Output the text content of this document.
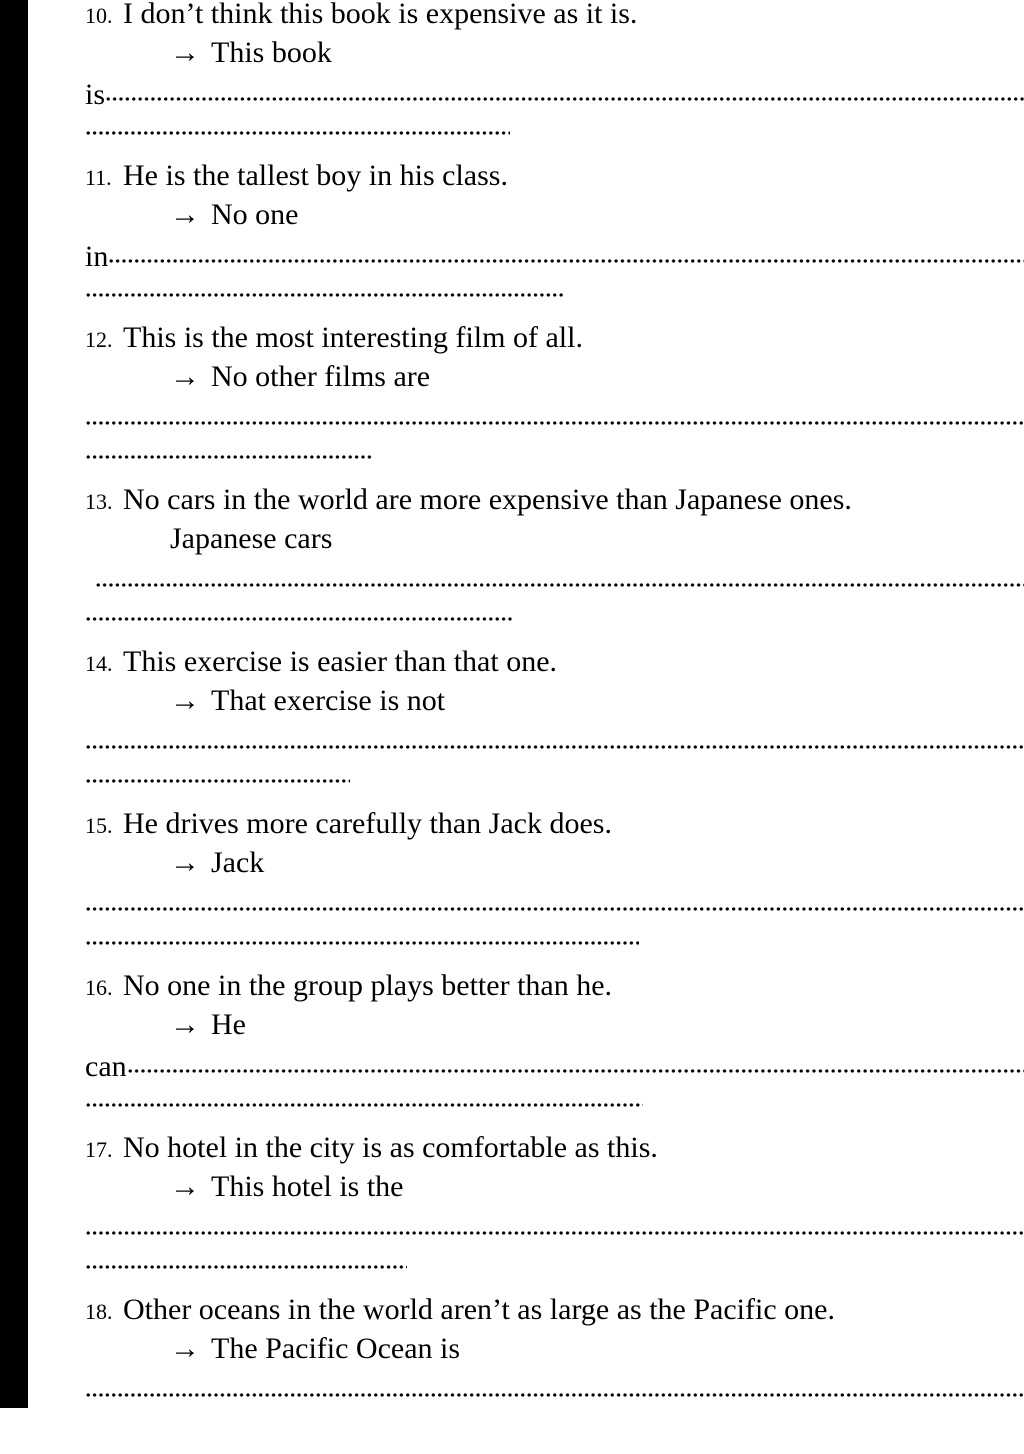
10. I don’t think this book is expensive as it is.
→ This book
is
11. He is the tallest boy in his class.
→ No one
in
12. This is the most interesting film of all.
→ No other films are
13. No cars in the world are more expensive than Japanese ones.
Japanese cars
14. This exercise is easier than that one.
→ That exercise is not
15. He drives more carefully than Jack does.
→ Jack
16. No one in the group plays better than he.
→ He
can
17. No hotel in the city is as comfortable as this.
→ This hotel is the
18. Other oceans in the world aren’t as large as the Pacific one.
→ The Pacific Ocean is
